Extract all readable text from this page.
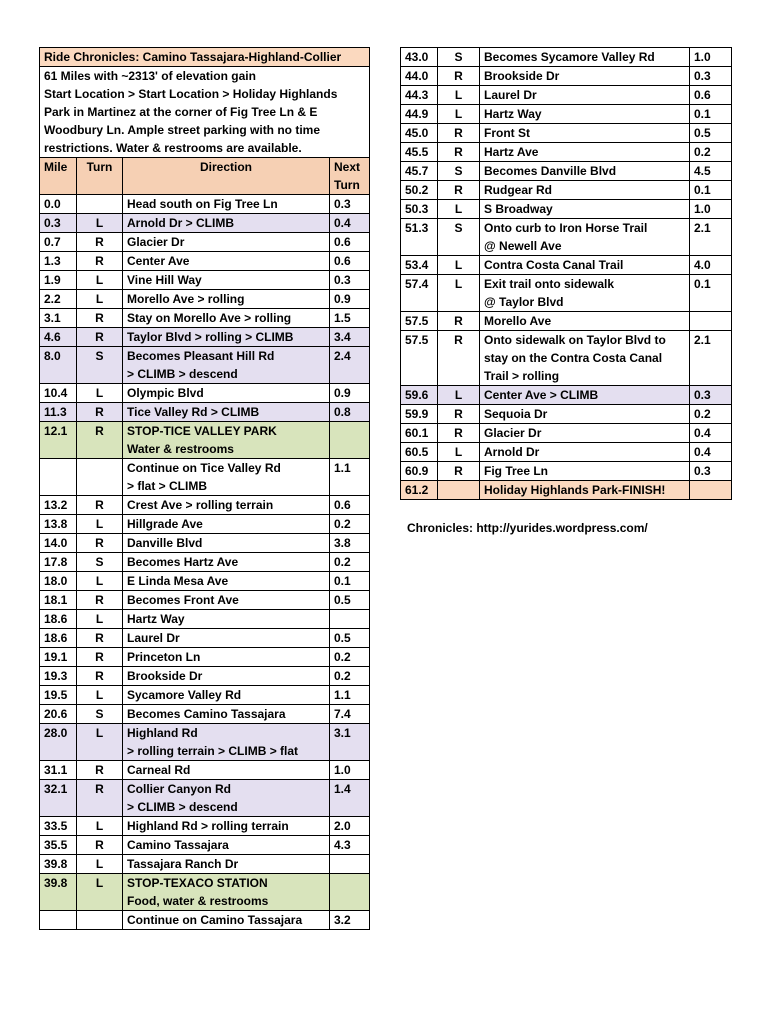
Ride Chronicles: Camino Tassajara-Highland-Collier			

61 Miles with ~2313' of elevation gain
Start Location > Start Location > Holiday Highlands
Park in Martinez at the corner of Fig Tree Ln & E
Woodbury Ln. Ample street parking with no time
restrictions. Water & restrooms are available.			

Mile	Turn	Direction	Next Turn
0.0		Head south on Fig Tree Ln	0.3
0.3	L	Arnold Dr > CLIMB	0.4
0.7	R	Glacier Dr	0.6
1.3	R	Center Ave	0.6
1.9	L	Vine Hill Way	0.3
2.2	L	Morello Ave > rolling	0.9
3.1	R	Stay on Morello Ave > rolling	1.5
4.6	R	Taylor Blvd > rolling > CLIMB	3.4
8.0	S	Becomes Pleasant Hill Rd
> CLIMB > descend	2.4
10.4	L	Olympic Blvd	0.9
11.3	R	Tice Valley Rd > CLIMB	0.8
12.1	R	STOP-TICE VALLEY PARK
Water & restrooms	

		Continue on Tice Valley Rd
> flat > CLIMB	1.1
13.2	R	Crest Ave > rolling terrain	0.6
13.8	L	Hillgrade Ave	0.2
14.0	R	Danville Blvd	3.8
17.8	S	Becomes Hartz Ave	0.2
18.0	L	E Linda Mesa Ave	0.1
18.1	R	Becomes Front Ave	0.5
18.6	L	Hartz Way	

18.6	R	Laurel Dr	0.5
19.1	R	Princeton Ln	0.2
19.3	R	Brookside Dr	0.2
19.5	L	Sycamore Valley Rd	1.1
20.6	S	Becomes Camino Tassajara	7.4
28.0	L	Highland Rd
> rolling terrain > CLIMB > flat	3.1
31.1	R	Carneal Rd	1.0
32.1	R	Collier Canyon Rd
> CLIMB > descend	1.4
33.5	L	Highland Rd > rolling terrain	2.0
35.5	R	Camino Tassajara	4.3
39.8	L	Tassajara Ranch Dr	

39.8	L	STOP-TEXACO STATION
Food, water & restrooms	

		Continue on Camino Tassajara	3.2
43.0	S	Becomes Sycamore Valley Rd	1.0
44.0	R	Brookside Dr	0.3
44.3	L	Laurel Dr	0.6
44.9	L	Hartz Way	0.1
45.0	R	Front St	0.5
45.5	R	Hartz Ave	0.2
45.7	S	Becomes Danville Blvd	4.5
50.2	R	Rudgear Rd	0.1
50.3	L	S Broadway	1.0
51.3	S	Onto curb to Iron Horse Trail
@ Newell Ave	2.1
53.4	L	Contra Costa Canal Trail	4.0
57.4	L	Exit trail onto sidewalk
@ Taylor Blvd	0.1
57.5	R	Morello Ave	

57.5	R	Onto sidewalk on Taylor Blvd to
stay on the Contra Costa Canal
Trail > rolling	2.1
59.6	L	Center Ave > CLIMB	0.3
59.9	R	Sequoia Dr	0.2
60.1	R	Glacier Dr	0.4
60.5	L	Arnold Dr	0.4
60.9	R	Fig Tree Ln	0.3
61.2		Holiday Highlands Park-FINISH!	

Chronicles: http://yurides.wordpress.com/
